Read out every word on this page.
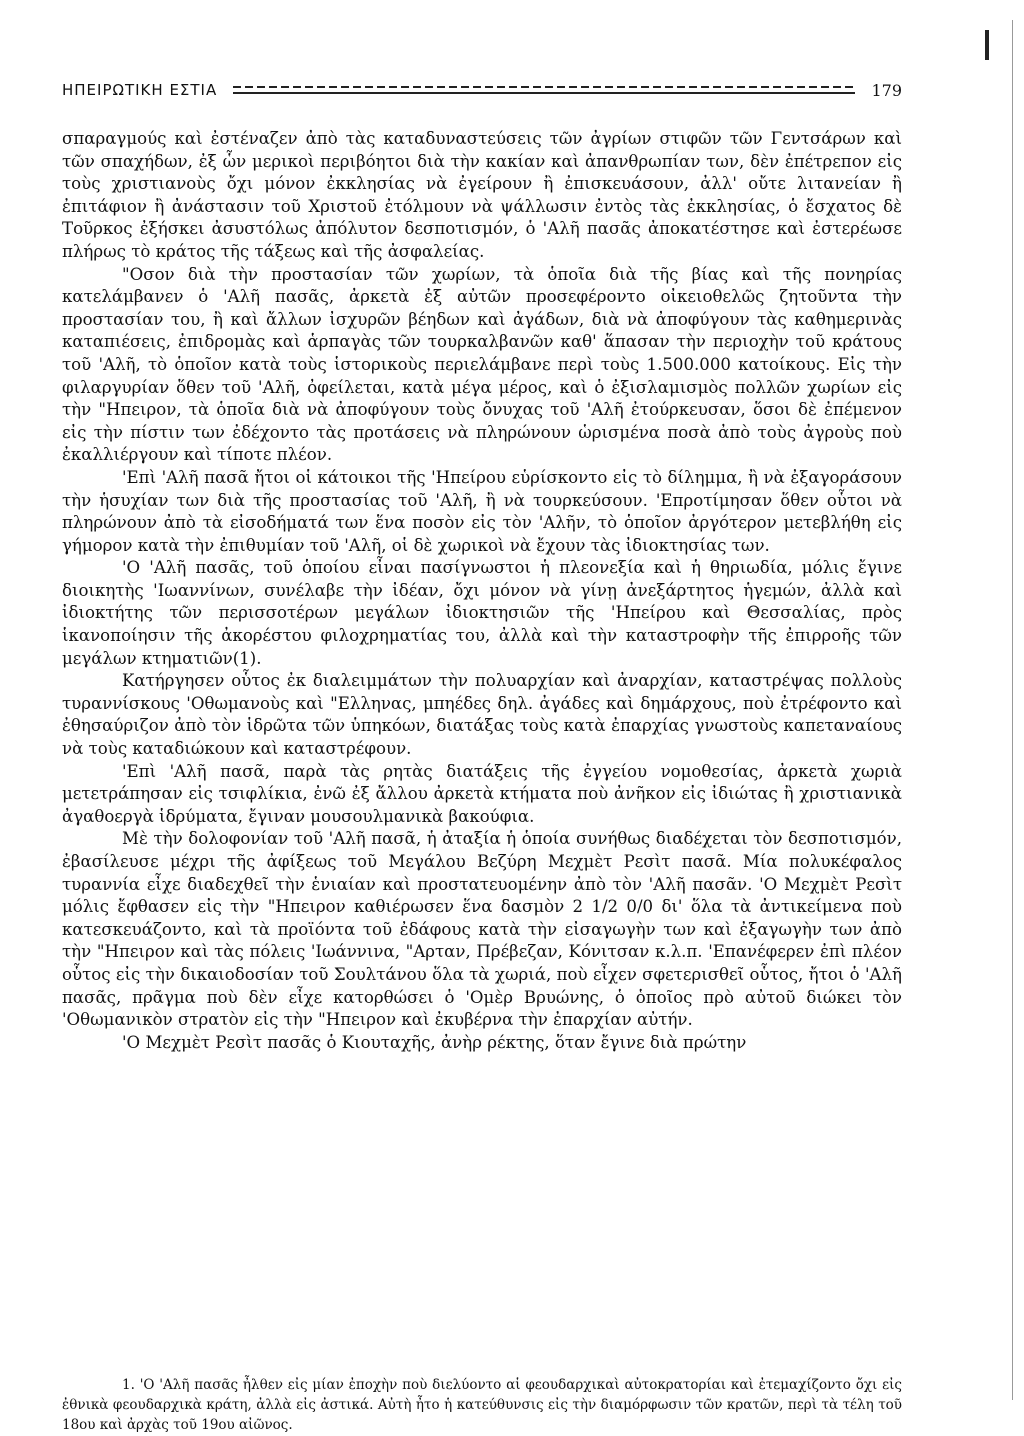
ΗΠΕΙΡΩΤΙΚΗ ΕΣΤΙΑ	179

σπαραγμούς καὶ ἐστέναζεν ἀπὸ τὰς καταδυναστεύσεις τῶν ἀγρίων στιφῶν τῶν Γεντσάρων καὶ τῶν σπαχήδων, ἐξ ὧν μερικοὶ περιβόητοι διὰ τὴν κακίαν καὶ ἀπανθρωπίαν των, δὲν ἐπέτρεπον εἰς τοὺς χριστιανοὺς ὄχι μόνον ἐκκλησίας νὰ ἐγείρουν ἢ ἐπισκευάσουν, ἀλλ' οὔτε λιτανείαν ἢ ἐπιτάφιον ἢ ἀνάστασιν τοῦ Χριστοῦ ἐτόλμουν νὰ ψάλλωσιν ἐντὸς τὰς ἐκκλησίας, ὁ ἔσχατος δὲ Τοῦρκος ἐξήσκει ἀσυστόλως ἀπόλυτον δεσποτισμόν, ὁ 'Αλῆ πασᾶς ἀποκατέστησε καὶ ἐστερέωσε πλήρως τὸ κράτος τῆς τάξεως καὶ τῆς ἀσφαλείας.

"Οσον διὰ τὴν προστασίαν τῶν χωρίων, τὰ ὁποῖα διὰ τῆς βίας καὶ τῆς πονηρίας κατελάμβανεν ὁ 'Αλῆ πασᾶς, ἀρκετὰ ἐξ αὐτῶν προσεφέροντο οἰκειοθελῶς ζητοῦντα τὴν προστασίαν του, ἢ καὶ ἄλλων ἰσχυρῶν βέηδων καὶ ἀγάδων, διὰ νὰ ἀποφύγουν τὰς καθημερινὰς καταπιέσεις, ἐπιδρομὰς καὶ ἁρπαγὰς τῶν τουρκαλβανῶν καθ' ἅπασαν τὴν περιοχὴν τοῦ κράτους τοῦ 'Αλῆ, τὸ ὁποῖον κατὰ τοὺς ἱστορικοὺς περιελάμβανε περὶ τοὺς 1.500.000 κατοίκους. Εἰς τὴν φιλαργυρίαν ὅθεν τοῦ 'Αλῆ, ὀφείλεται, κατὰ μέγα μέρος, καὶ ὁ ἐξισλαμισμὸς πολλῶν χωρίων εἰς τὴν "Ηπειρον, τὰ ὁποῖα διὰ νὰ ἀποφύγουν τοὺς ὄνυχας τοῦ 'Αλῆ ἐτούρκευσαν, ὅσοι δὲ ἐπέμενον εἰς τὴν πίστιν των ἐδέχοντο τὰς προτάσεις νὰ πληρώνουν ὡρισμένα ποσὰ ἀπὸ τοὺς ἀγροὺς ποὺ ἐκαλλιέργουν καὶ τίποτε πλέον.

'Επὶ 'Αλῆ πασᾶ ἤτοι οἱ κάτοικοι τῆς 'Ηπείρου εὑρίσκοντο εἰς τὸ δίλημμα, ἢ νὰ ἐξαγοράσουν τὴν ἡσυχίαν των διὰ τῆς προστασίας τοῦ 'Αλῆ, ἢ νὰ τουρκεύσουν. 'Επροτίμησαν ὅθεν οὗτοι νὰ πληρώνουν ἀπὸ τὰ εἰσοδήματά των ἕνα ποσὸν εἰς τὸν 'Αλῆν, τὸ ὁποῖον ἀργότερον μετεβλήθη εἰς γήμορον κατὰ τὴν ἐπιθυμίαν τοῦ 'Αλῆ, οἱ δὲ χωρικοὶ νὰ ἔχουν τὰς ἰδιοκτησίας των.

'Ο 'Αλῆ πασᾶς, τοῦ ὁποίου εἶναι πασίγνωστοι ἡ πλεονεξία καὶ ἡ θηριωδία, μόλις ἔγινε διοικητὴς 'Ιωαννίνων, συνέλαβε τὴν ἰδέαν, ὄχι μόνον νὰ γίνῃ ἀνεξάρτητος ἡγεμών, ἀλλὰ καὶ ἰδιοκτήτης τῶν περισσοτέρων μεγάλων ἰδιοκτησιῶν τῆς 'Ηπείρου καὶ Θεσσαλίας, πρὸς ἱκανοποίησιν τῆς ἀκορέστου φιλοχρηματίας του, ἀλλὰ καὶ τὴν καταστροφὴν τῆς ἐπιρροῆς τῶν μεγάλων κτηματιῶν(1).

Κατήργησεν οὗτος ἐκ διαλειμμάτων τὴν πολυαρχίαν καὶ ἀναρχίαν, καταστρέψας πολλοὺς τυραννίσκους 'Οθωμανοὺς καὶ "Ελληνας, μπηέδες δηλ. ἀγάδες καὶ δημάρχους, ποὺ ἐτρέφοντο καὶ ἐθησαύριζον ἀπὸ τὸν ἱδρῶτα τῶν ὑπηκόων, διατάξας τοὺς κατὰ ἐπαρχίας γνωστοὺς καπεταναίους νὰ τοὺς καταδιώκουν καὶ καταστρέφουν.

'Επὶ 'Αλῆ πασᾶ, παρὰ τὰς ρητὰς διατάξεις τῆς ἐγγείου νομοθεσίας, ἀρκετὰ χωριὰ μετετράπησαν εἰς τσιφλίκια, ἐνῶ ἐξ ἄλλου ἀρκετὰ κτήματα ποὺ ἀνῆκον εἰς ἰδιώτας ἢ χριστιανικὰ ἀγαθοεργὰ ἱδρύματα, ἔγιναν μουσουλμανικὰ βακούφια.

Μὲ τὴν δολοφονίαν τοῦ 'Αλῆ πασᾶ, ἡ ἀταξία ἡ ὁποία συνήθως διαδέχεται τὸν δεσποτισμόν, ἐβασίλευσε μέχρι τῆς ἀφίξεως τοῦ Μεγάλου Βεζύρη Μεχμὲτ Ρεσὶτ πασᾶ. Μία πολυκέφαλος τυραννία εἶχε διαδεχθεῖ τὴν ἑνιαίαν καὶ προστατευομένην ἀπὸ τὸν 'Αλῆ πασᾶν. 'Ο Μεχμὲτ Ρεσὶτ μόλις ἔφθασεν εἰς τὴν "Ηπειρον καθιέρωσεν ἕνα δασμὸν 2 1/2 0/0 δι' ὅλα τὰ ἀντικείμενα ποὺ κατεσκευάζοντο, καὶ τὰ προϊόντα τοῦ ἐδάφους κατὰ τὴν εἰσαγωγὴν των καὶ ἐξαγωγὴν των ἀπὸ τὴν "Ηπειρον καὶ τὰς πόλεις 'Ιωάννινα, "Αρταν, Πρέβεζαν, Κόνιτσαν κ.λ.π. 'Επανέφερεν ἐπὶ πλέον οὗτος εἰς τὴν δικαιοδοσίαν τοῦ Σουλτάνου ὅλα τὰ χωριά, ποὺ εἶχεν σφετερισθεῖ οὗτος, ἤτοι ὁ 'Αλῆ πασᾶς, πρᾶγμα ποὺ δὲν εἶχε κατορθώσει ὁ 'Ομὲρ Βρυώνης, ὁ ὁποῖος πρὸ αὐτοῦ διώκει τὸν 'Οθωμανικὸν στρατὸν εἰς τὴν "Ηπειρον καὶ ἐκυβέρνα τὴν ἐπαρχίαν αὐτήν.

'Ο Μεχμὲτ Ρεσὶτ πασᾶς ὁ Κιουταχῆς, ἀνὴρ ρέκτης, ὅταν ἔγινε διὰ πρώτην

1. 'Ο 'Αλῆ πασᾶς ἦλθεν εἰς μίαν ἐποχὴν ποὺ διελύοντο αἱ φεουδαρχικαὶ αὐτοκρατορίαι καὶ ἐτεμαχίζοντο ὄχι εἰς ἐθνικὰ φεουδαρχικὰ κράτη, ἀλλὰ εἰς ἀστικά. Αὐτὴ ἦτο ἡ κατεύθυνσις εἰς τὴν διαμόρφωσιν τῶν κρατῶν, περὶ τὰ τέλη τοῦ 18ου καὶ ἀρχὰς τοῦ 19ου αἰῶνος.
